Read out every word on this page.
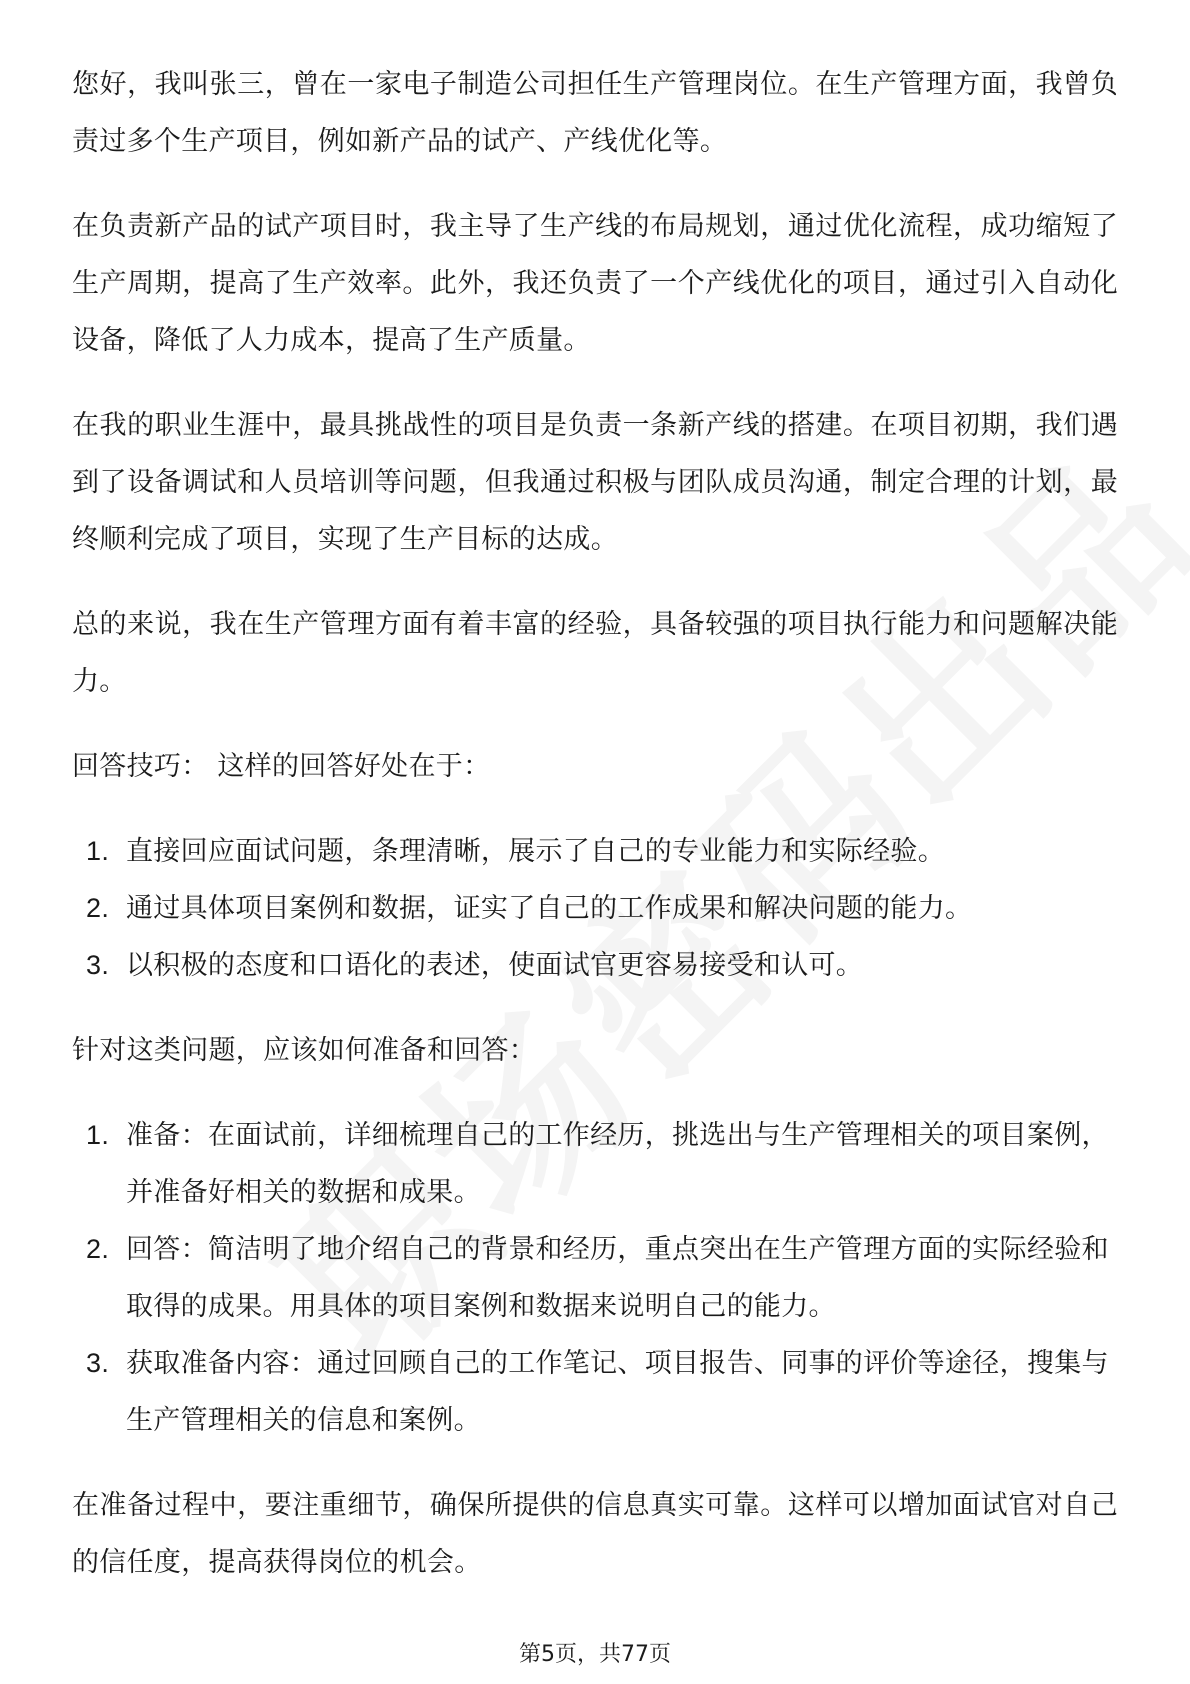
您好，我叫张三，曾在一家电子制造公司担任生产管理岗位。在生产管理方面，我曾负责过多个生产项目，例如新产品的试产、产线优化等。

在负责新产品的试产项目时，我主导了生产线的布局规划，通过优化流程，成功缩短了生产周期，提高了生产效率。此外，我还负责了一个产线优化的项目，通过引入自动化设备，降低了人力成本，提高了生产质量。

在我的职业生涯中，最具挑战性的项目是负责一条新产线的搭建。在项目初期，我们遇到了设备调试和人员培训等问题，但我通过积极与团队成员沟通，制定合理的计划，最终顺利完成了项目，实现了生产目标的达成。

总的来说，我在生产管理方面有着丰富的经验，具备较强的项目执行能力和问题解决能力。

回答技巧： 这样的回答好处在于：

1. 直接回应面试问题，条理清晰，展示了自己的专业能力和实际经验。
2. 通过具体项目案例和数据，证实了自己的工作成果和解决问题的能力。
3. 以积极的态度和口语化的表述，使面试官更容易接受和认可。

针对这类问题，应该如何准备和回答：

1. 准备：在面试前，详细梳理自己的工作经历，挑选出与生产管理相关的项目案例，并准备好相关的数据和成果。
2. 回答：简洁明了地介绍自己的背景和经历，重点突出在生产管理方面的实际经验和取得的成果。用具体的项目案例和数据来说明自己的能力。
3. 获取准备内容：通过回顾自己的工作笔记、项目报告、同事的评价等途径，搜集与生产管理相关的信息和案例。

在准备过程中，要注重细节，确保所提供的信息真实可靠。这样可以增加面试官对自己的信任度，提高获得岗位的机会。

第5页，共77页
